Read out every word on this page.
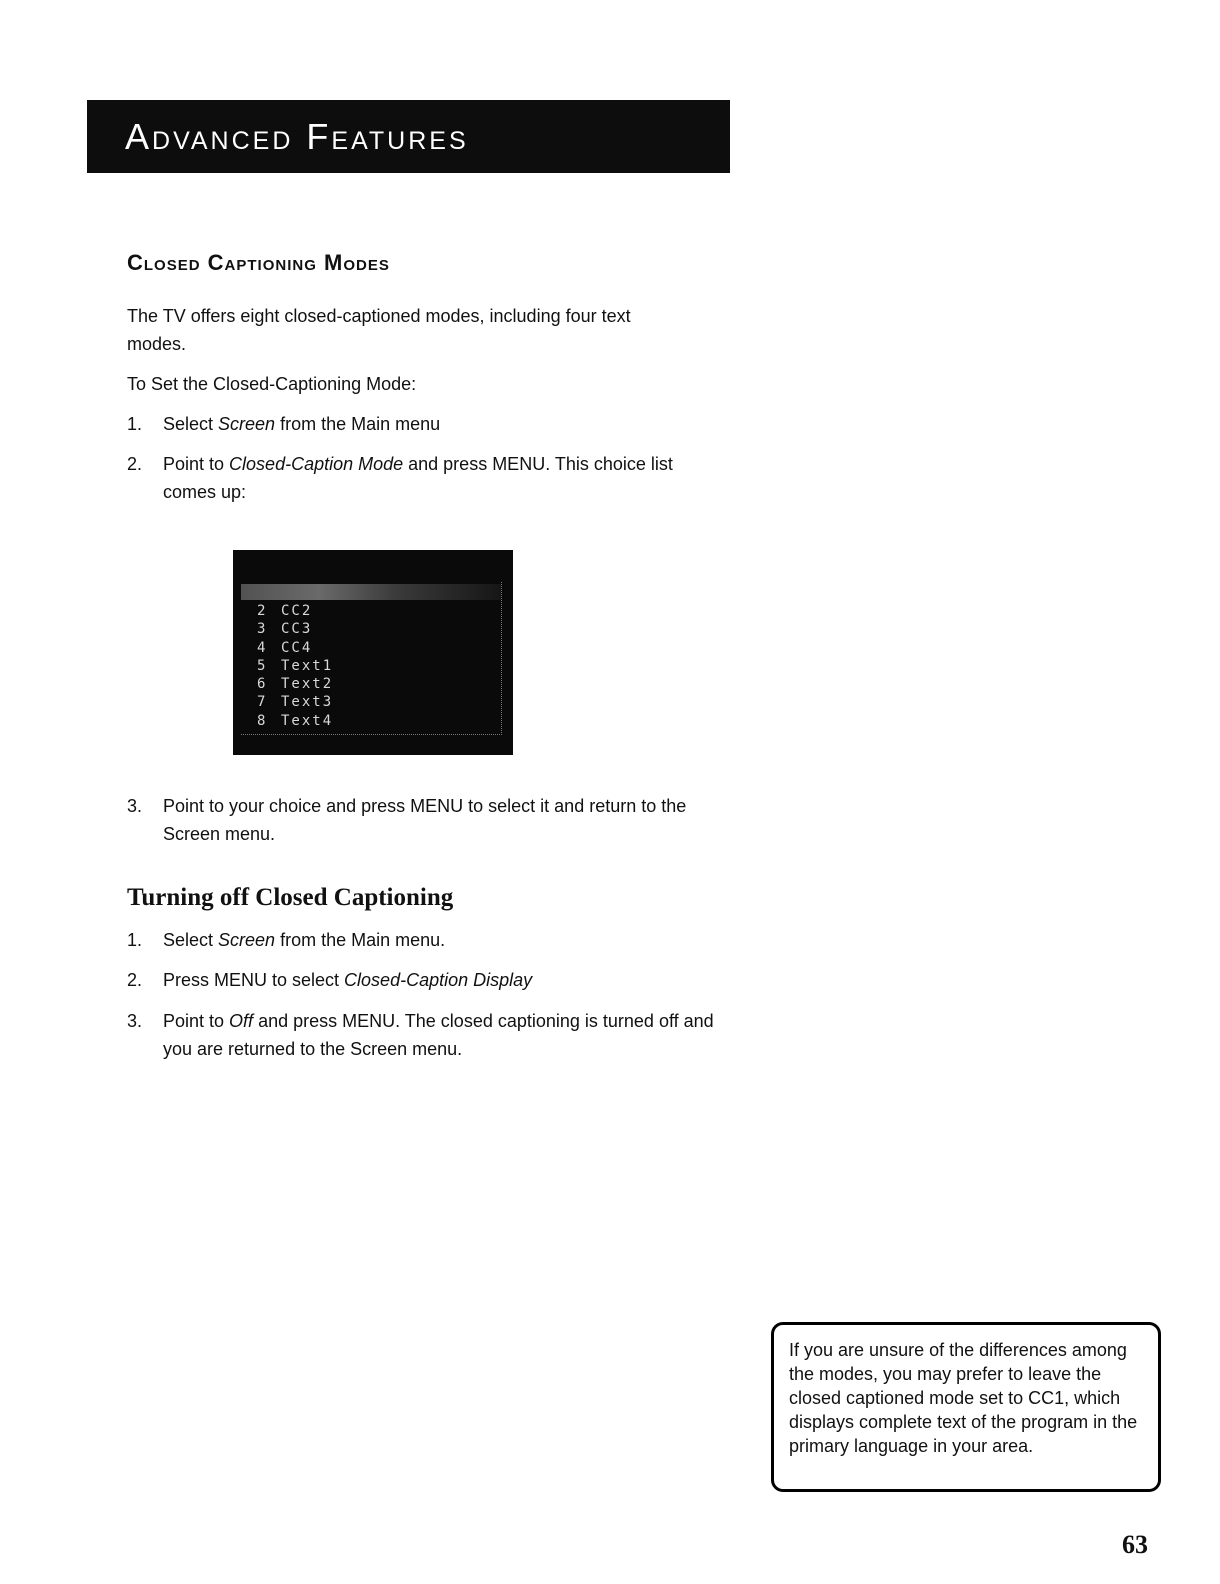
Advanced Features
Closed Captioning Modes

The TV offers eight closed-captioned modes, including four text modes.

To Set the Closed-Captioning Mode:

1. Select Screen from the Main menu
2. Point to Closed-Caption Mode and press MENU. This choice list comes up:
2 CC2
3 CC3
4 CC4
5 Text1
6 Text2
7 Text3
8 Text4
3. Point to your choice and press MENU to select it and return to the Screen menu.
Turning off Closed Captioning
1. Select Screen from the Main menu.
2. Press MENU to select Closed-Caption Display
3. Point to Off and press MENU. The closed captioning is turned off and you are returned to the Screen menu.
If you are unsure of the differences among the modes, you may prefer to leave the closed captioned mode set to CC1, which displays complete text of the program in the primary language in your area.
63
